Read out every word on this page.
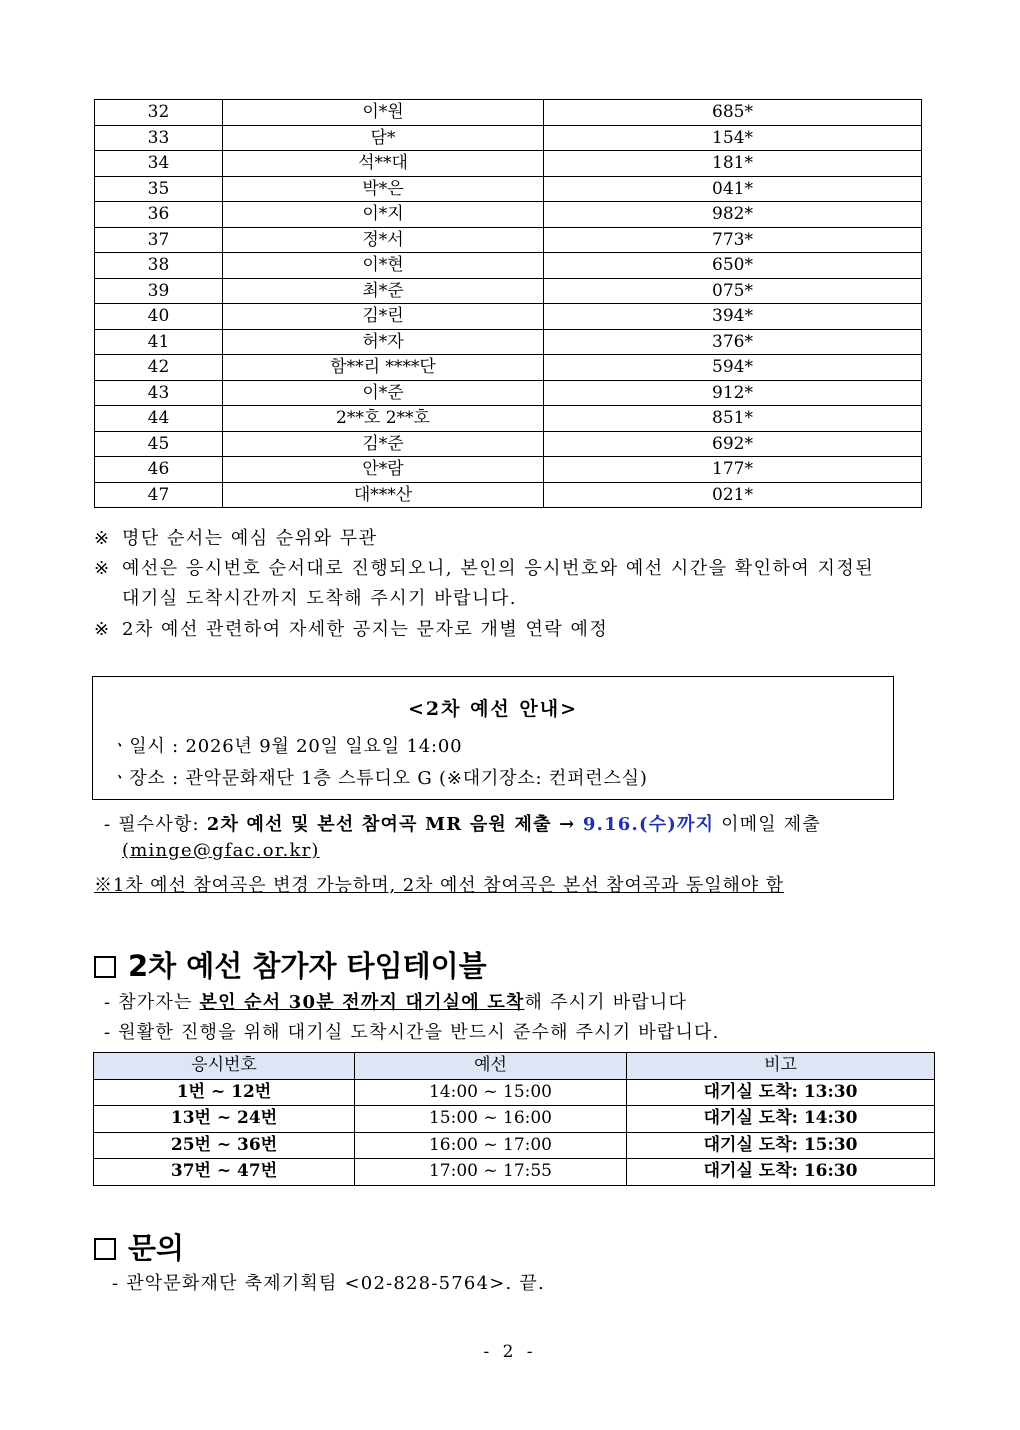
32	이*원	685*
33	담*	154*
34	석**대	181*
35	박*은	041*
36	이*지	982*
37	정*서	773*
38	이*현	650*
39	최*준	075*
40	김*린	394*
41	허*자	376*
42	함**리 ****단	594*
43	이*준	912*
44	2**호 2**호	851*
45	김*준	692*
46	안*람	177*
47	대***산	021*
※ 명단 순서는 예심 순위와 무관
※ 예선은 응시번호 순서대로 진행되오니, 본인의 응시번호와 예선 시간을 확인하여 지정된
대기실 도착시간까지 도착해 주시기 바랍니다.
※ 2차 예선 관련하여 자세한 공지는 문자로 개별 연락 예정
<2차 예선 안내>
ㆍ일시 : 2026년 9월 20일 일요일 14:00
ㆍ장소 : 관악문화재단 1층 스튜디오 G (※대기장소: 컨퍼런스실)
- 필수사항: 2차 예선 및 본선 참여곡 MR 음원 제출 → 9.16.(수)까지 이메일 제출
(minge@gfac.or.kr)
※1차 예선 참여곡은 변경 가능하며, 2차 예선 참여곡은 본선 참여곡과 동일해야 함
2차 예선 참가자 타임테이블
- 참가자는 본인 순서 30분 전까지 대기실에 도착해 주시기 바랍니다
- 원활한 진행을 위해 대기실 도착시간을 반드시 준수해 주시기 바랍니다.
응시번호	예선	비고
1번 ~ 12번	14:00 ~ 15:00	대기실 도착: 13:30
13번 ~ 24번	15:00 ~ 16:00	대기실 도착: 14:30
25번 ~ 36번	16:00 ~ 17:00	대기실 도착: 15:30
37번 ~ 47번	17:00 ~ 17:55	대기실 도착: 16:30
문의
- 관악문화재단 축제기획팀 <02-828-5764>. 끝.
- 2 -
